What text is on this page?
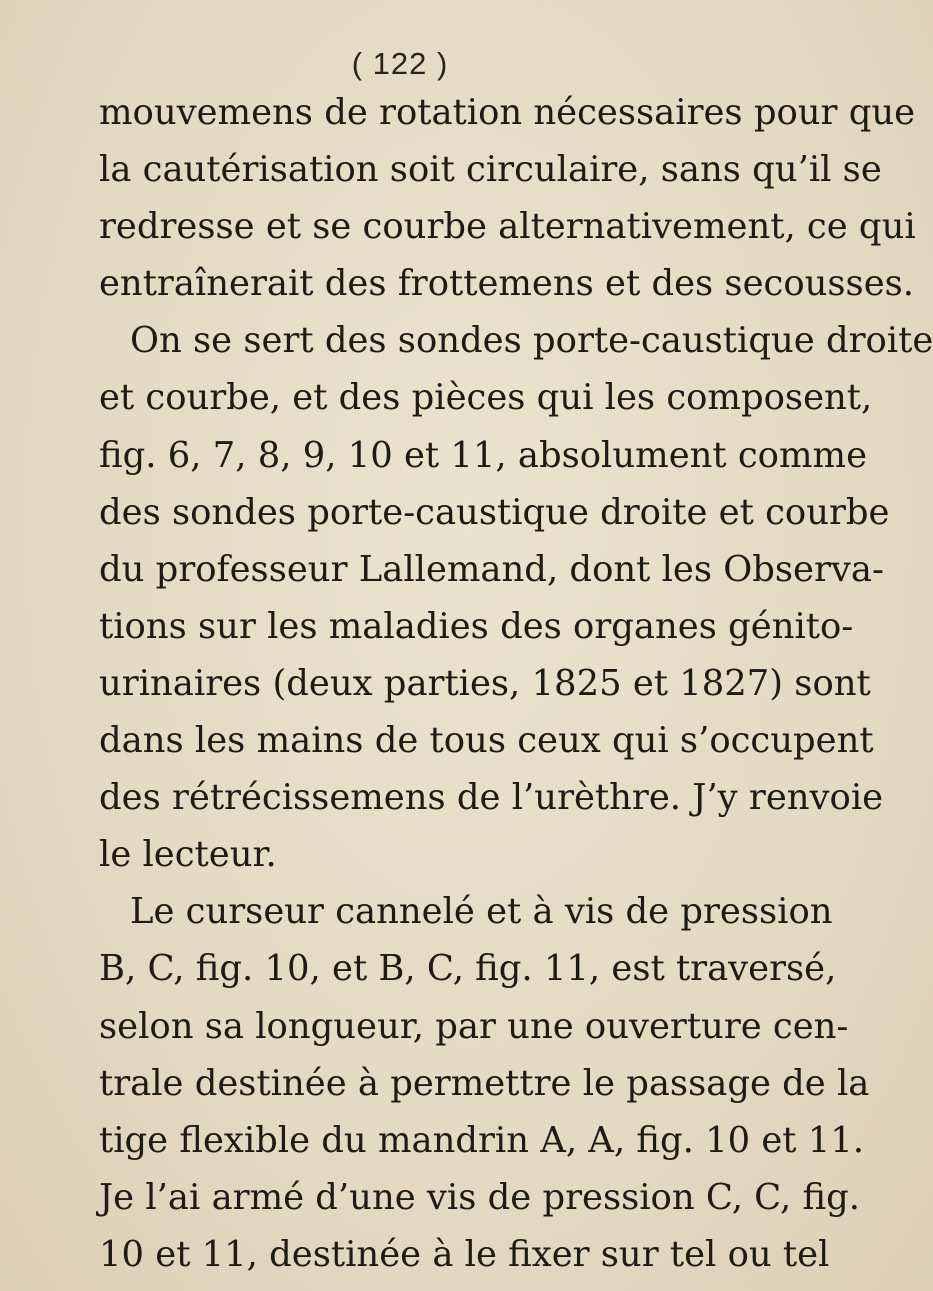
( 122 )
mouvemens de rotation nécessaires pour que
la cautérisation soit circulaire, sans qu’il se
redresse et se courbe alternativement, ce qui
entraînerait des frottemens et des secousses.
On se sert des sondes porte-caustique droite
et courbe, et des pièces qui les composent,
fig. 6, 7, 8, 9, 10 et 11, absolument comme
des sondes porte-caustique droite et courbe
du professeur Lallemand, dont les Observa-
tions sur les maladies des organes génito-
urinaires (deux parties, 1825 et 1827) sont
dans les mains de tous ceux qui s’occupent
des rétrécissemens de l’urèthre. J’y renvoie
le lecteur.
Le curseur cannelé et à vis de pression
B, C, fig. 10, et B, C, fig. 11, est traversé,
selon sa longueur, par une ouverture cen-
trale destinée à permettre le passage de la
tige flexible du mandrin A, A, fig. 10 et 11.
Je l’ai armé d’une vis de pression C, C, fig.
10 et 11, destinée à le fixer sur tel ou tel
